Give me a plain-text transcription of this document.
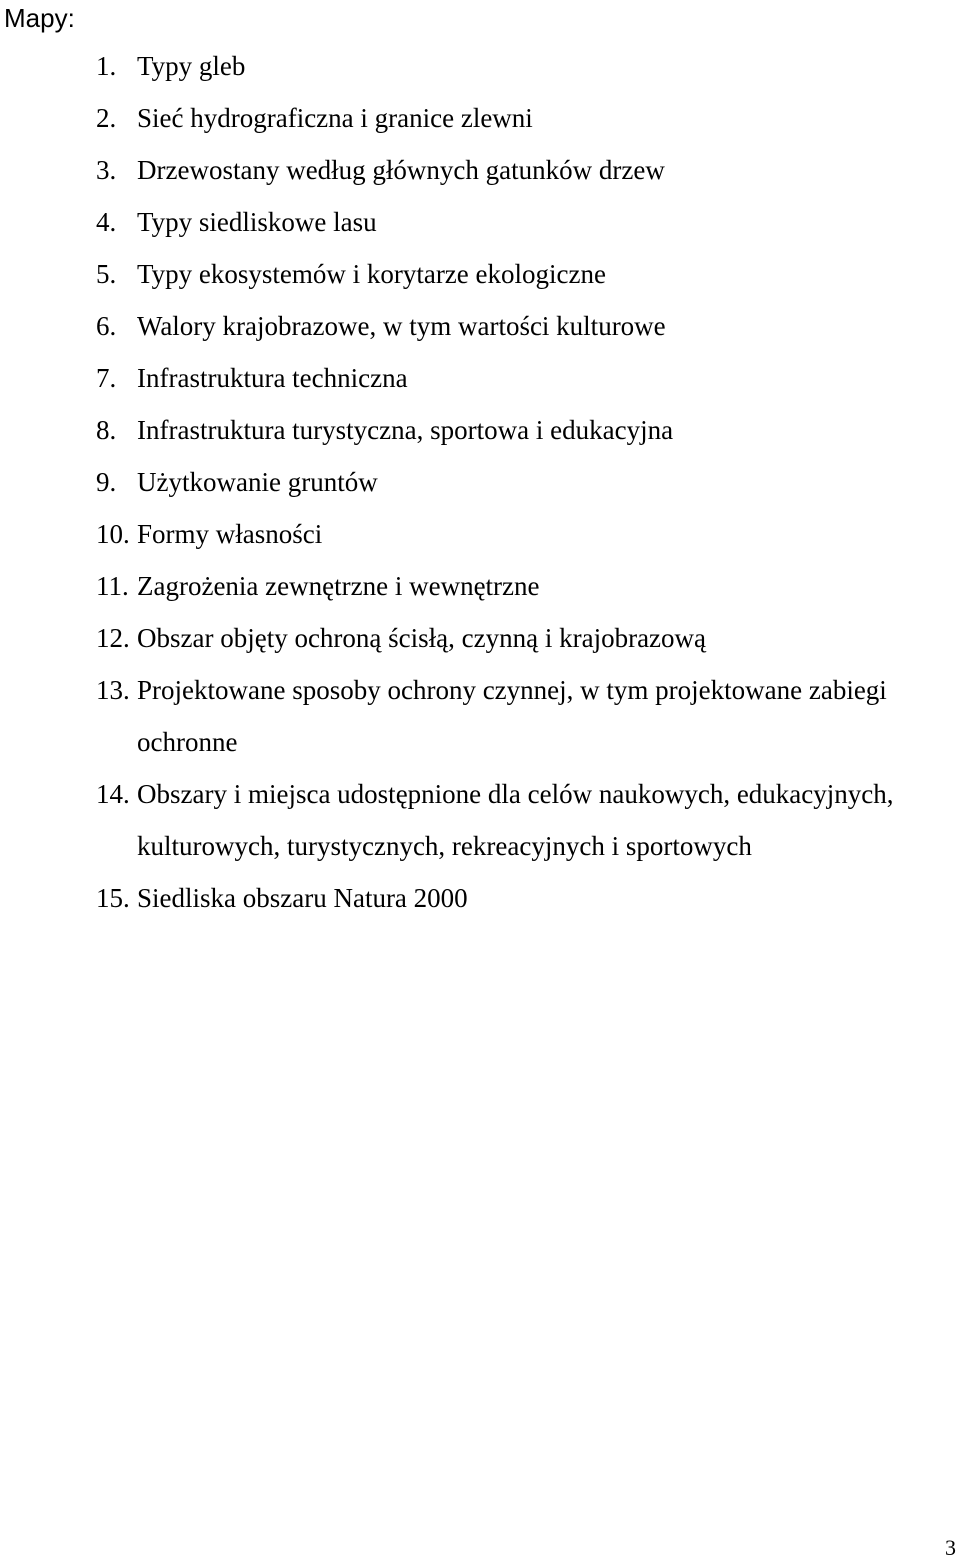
Mapy:
1. Typy gleb
2. Sieć hydrograficzna i granice zlewni
3. Drzewostany według głównych gatunków drzew
4. Typy siedliskowe lasu
5. Typy ekosystemów i korytarze ekologiczne
6. Walory krajobrazowe, w tym wartości kulturowe
7. Infrastruktura techniczna
8. Infrastruktura turystyczna, sportowa i edukacyjna
9. Użytkowanie gruntów
10. Formy własności
11. Zagrożenia zewnętrzne i wewnętrzne
12. Obszar objęty ochroną ścisłą, czynną i krajobrazową
13. Projektowane sposoby ochrony czynnej, w tym projektowane zabiegi ochronne
14. Obszary i miejsca udostępnione dla celów naukowych, edukacyjnych, kulturowych, turystycznych, rekreacyjnych i sportowych
15. Siedliska obszaru Natura 2000
3
